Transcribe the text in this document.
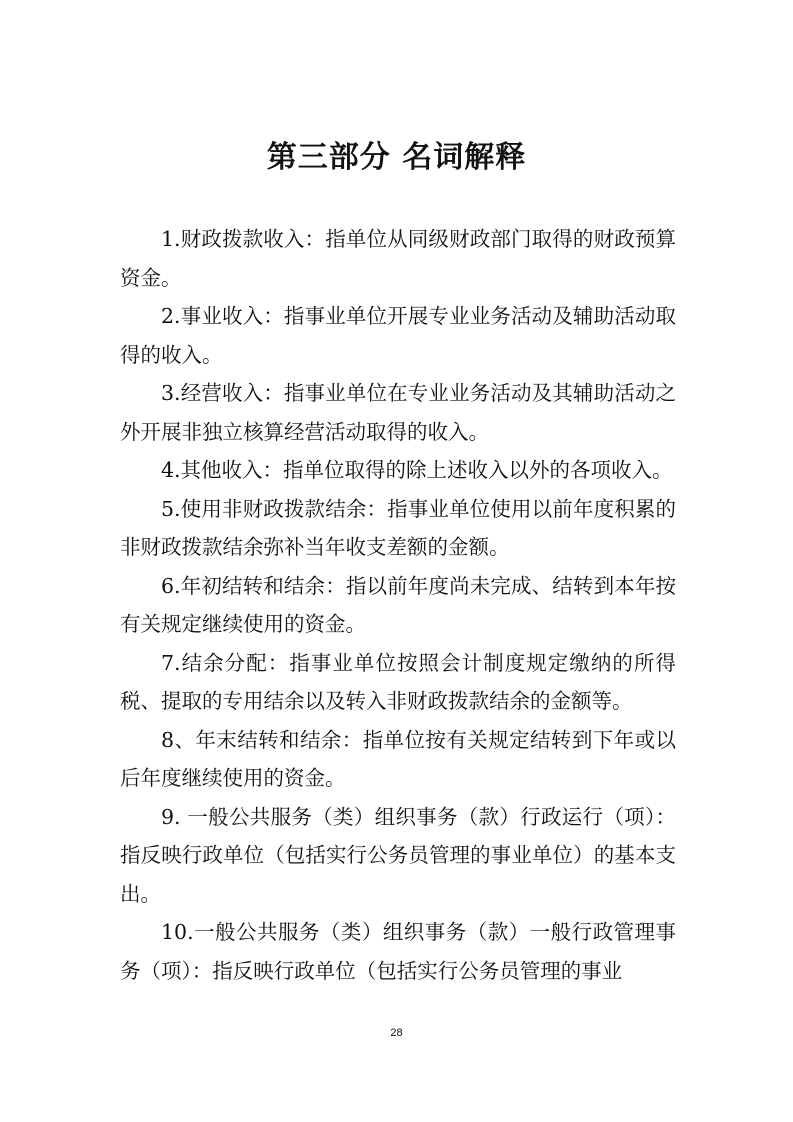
第三部分 名词解释

1.财政拨款收入：指单位从同级财政部门取得的财政预算资金。

2.事业收入：指事业单位开展专业业务活动及辅助活动取得的收入。

3.经营收入：指事业单位在专业业务活动及其辅助活动之外开展非独立核算经营活动取得的收入。

4.其他收入：指单位取得的除上述收入以外的各项收入。

5.使用非财政拨款结余：指事业单位使用以前年度积累的非财政拨款结余弥补当年收支差额的金额。

6.年初结转和结余：指以前年度尚未完成、结转到本年按有关规定继续使用的资金。

7.结余分配：指事业单位按照会计制度规定缴纳的所得税、提取的专用结余以及转入非财政拨款结余的金额等。

8、年末结转和结余：指单位按有关规定结转到下年或以后年度继续使用的资金。

9. 一般公共服务（类）组织事务（款）行政运行（项）：指反映行政单位（包括实行公务员管理的事业单位）的基本支出。

10.一般公共服务（类）组织事务（款）一般行政管理事务（项）：指反映行政单位（包括实行公务员管理的事业

28
